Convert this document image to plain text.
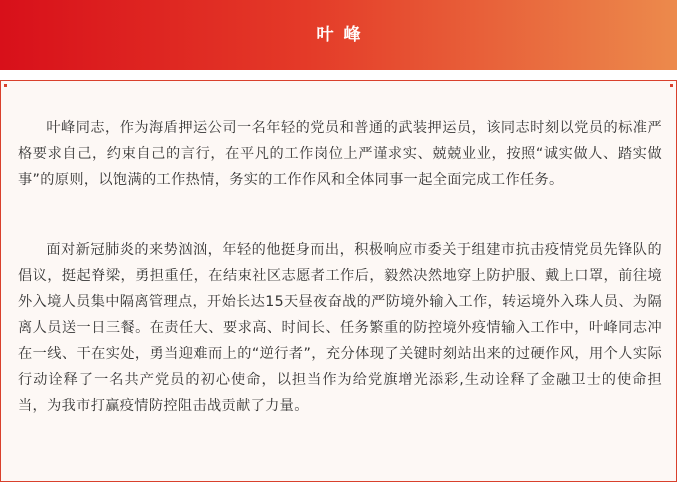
叶峰

叶峰同志，作为海盾押运公司一名年轻的党员和普通的武装押运员，该同志时刻以党员的标准严格要求自己，约束自己的言行，在平凡的工作岗位上严谨求实、兢兢业业，按照“诚实做人、踏实做事”的原则，以饱满的工作热情，务实的工作作风和全体同事一起全面完成工作任务。

面对新冠肺炎的来势汹汹，年轻的他挺身而出，积极响应市委关于组建市抗击疫情党员先锋队的倡议，挺起脊梁，勇担重任，在结束社区志愿者工作后，毅然决然地穿上防护服、戴上口罩，前往境外入境人员集中隔离管理点，开始长达15天昼夜奋战的严防境外输入工作，转运境外入珠人员、为隔离人员送一日三餐。在责任大、要求高、时间长、任务繁重的防控境外疫情输入工作中，叶峰同志冲在一线、干在实处，勇当迎难而上的“逆行者”，充分体现了关键时刻站出来的过硬作风，用个人实际行动诠释了一名共产党员的初心使命，以担当作为给党旗增光添彩,生动诠释了金融卫士的使命担当，为我市打赢疫情防控阻击战贡献了力量。
